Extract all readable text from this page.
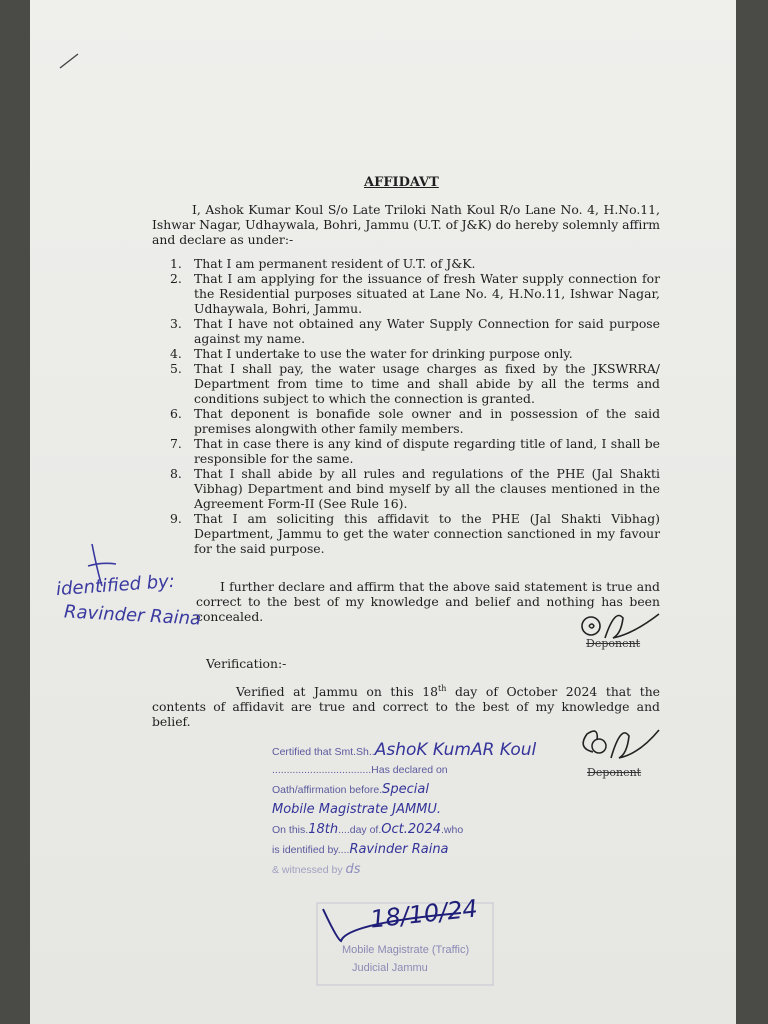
AFFIDAVT
I, Ashok Kumar Koul S/o Late Triloki Nath Koul R/o Lane No. 4, H.No.11, Ishwar Nagar, Udhaywala, Bohri, Jammu (U.T. of J&K) do hereby solemnly affirm and declare as under:-
1. That I am permanent resident of U.T. of J&K.
2. That I am applying for the issuance of fresh Water supply connection for the Residential purposes situated at Lane No. 4, H.No.11, Ishwar Nagar, Udhaywala, Bohri, Jammu.
3. That I have not obtained any Water Supply Connection for said purpose against my name.
4. That I undertake to use the water for drinking purpose only.
5. That I shall pay, the water usage charges as fixed by the JKSWRRA/ Department from time to time and shall abide by all the terms and conditions subject to which the connection is granted.
6. That deponent is bonafide sole owner and in possession of the said premises alongwith other family members.
7. That in case there is any kind of dispute regarding title of land, I shall be responsible for the same.
8. That I shall abide by all rules and regulations of the PHE (Jal Shakti Vibhag) Department and bind myself by all the clauses mentioned in the Agreement Form-II (See Rule 16).
9. That I am soliciting this affidavit to the PHE (Jal Shakti Vibhag) Department, Jammu to get the water connection sanctioned in my favour for the said purpose.
I further declare and affirm that the above said statement is true and correct to the best of my knowledge and belief and nothing has been concealed.
Deponent
Verification:-
Verified at Jammu on this 18th day of October 2024 that the contents of affidavit are true and correct to the best of my knowledge and belief.
Deponent
Certified that Smt.Sh..AshoK KumAR Koul
..................................Has declared on
Oath/affirmation before.Special
Mobile Magistrate JAMMU.
On this.18th....day of.Oct.2024.who
is identified by....Ravinder Raina
& witnessed by ds
identified by:
Ravinder Raina
18/10/24
Mobile Magistrate (Traffic)
Judicial Jammu
